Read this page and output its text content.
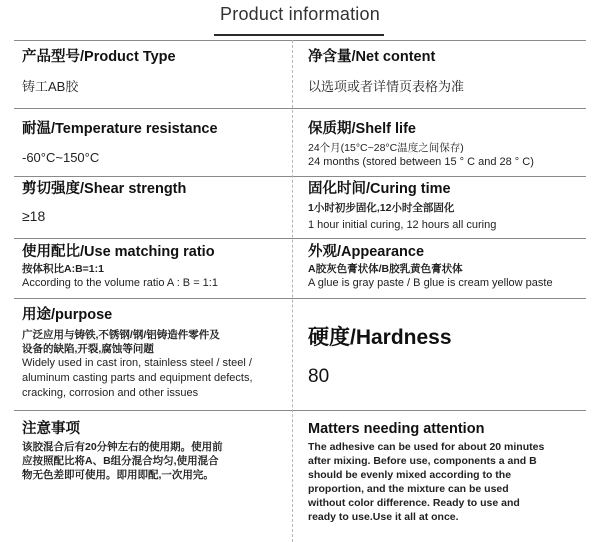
Product information
产品型号/Product Type
铸工AB胶
净含量/Net content
以选项或者详情页表格为准
耐温/Temperature resistance
-60°C~150°C
保质期/Shelf life
24个月(15°C~28°C温度之间保存)
24 months (stored between 15 ° C and 28 ° C)
剪切强度/Shear strength
≥18
固化时间/Curing time
1小时初步固化,12小时全部固化
1 hour initial curing, 12 hours all curing
使用配比/Use matching ratio
按体积比A:B=1:1
According to the volume ratio A : B = 1:1
外观/Appearance
A胶灰色膏状体/B胶乳黄色膏状体
A glue is gray paste / B glue is cream yellow paste
用途/purpose
广泛应用与铸铁,不锈钢/钢/铝铸造件零件及
设备的缺陷,开裂,腐蚀等问题
Widely used in cast iron, stainless steel / steel /
aluminum casting parts and equipment defects,
cracking, corrosion and other issues
硬度/Hardness
80
注意事项
该胶混合后有20分钟左右的使用期。使用前
应按照配比将A、B组分混合均匀,使用混合
物无色差即可使用。即用即配,一次用完。
Matters needing attention
The adhesive can be used for about 20 minutes
after mixing. Before use, components a and B
should be evenly mixed according to the
proportion, and the mixture can be used
without color difference. Ready to use and
ready to use.Use it all at once.
